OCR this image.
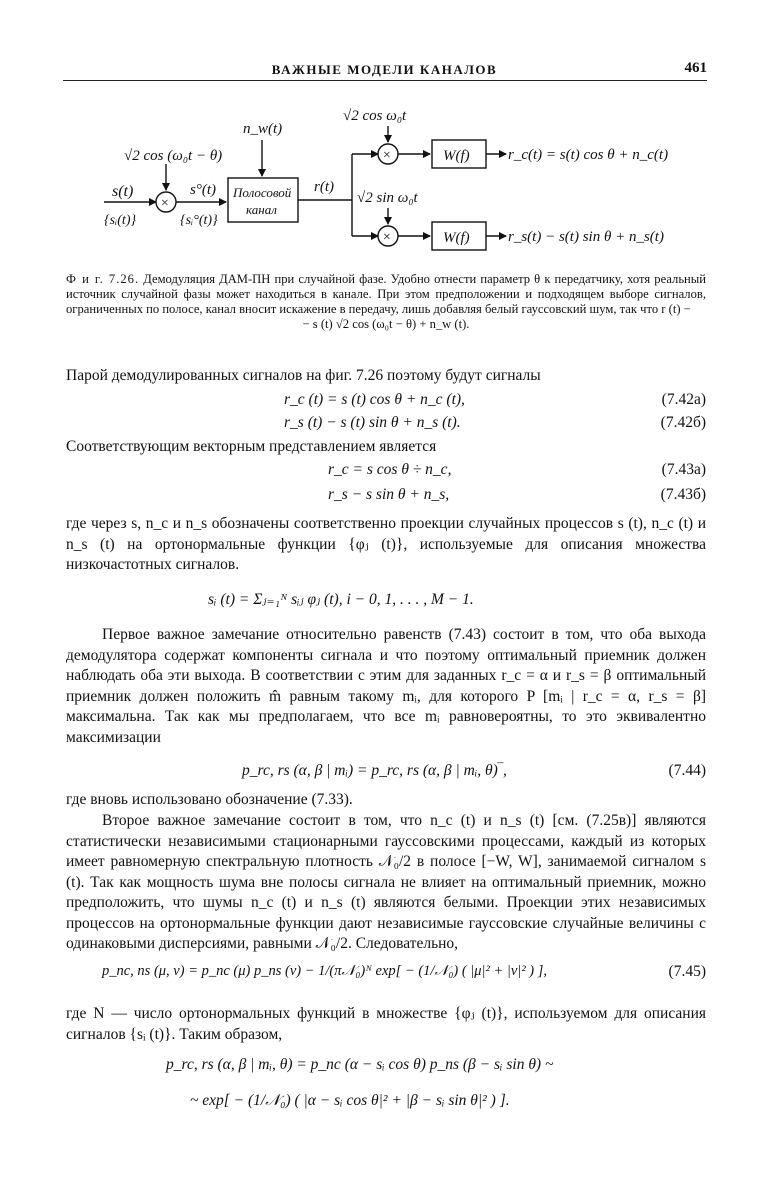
ВАЖНЫЕ МОДЕЛИ КАНАЛОВ	461
s(t)
{sᵢ(t)}
×
√2 cos (ω₀t − θ)
s°(t)
{sᵢ°(t)}
Полосовой
канал
n_w(t)
r(t)
×
√2 cos ω₀t
W(f)	r_c(t) = s(t) cos θ + n_c(t)
×
√2 sin ω₀t
W(f)	r_s(t) − s(t) sin θ + n_s(t)
Ф и г. 7.26. Демодуляция ДАМ-ПН при случайной фазе. Удобно отнести параметр θ к передатчику, хотя реальный источник случайной фазы может находиться в канале. При этом предположении и подходящем выборе сигналов, ограниченных по полосе, канал вносит искажение в передачу, лишь добавляя белый гауссовский шум, так что r (t) −
− s (t) √2 cos (ω₀t − θ) + n_w (t).
Парой демодулированных сигналов на фиг. 7.26 поэтому будут сигналы
r_c (t) = s (t) cos θ + n_c (t),	(7.42a)
r_s (t) − s (t) sin θ + n_s (t).	(7.42б)
Соответствующим векторным представлением является
r_c = s cos θ ÷ n_c,	(7.43a)
r_s − s sin θ + n_s,	(7.43б)
где через s, n_c и n_s обозначены соответственно проекции случайных процессов s (t), n_c (t) и n_s (t) на ортонормальные функции {φⱼ (t)}, используемые для описания множества низкочастотных сигналов.
sᵢ (t) = Σⱼ₌₁ᴺ sᵢⱼ φⱼ (t), i − 0, 1, . . . , M − 1.
Первое важное замечание относительно равенств (7.43) состоит в том, что оба выхода демодулятора содержат компоненты сигнала и что поэтому оптимальный приемник должен наблюдать оба эти выхода. В соответствии с этим для заданных r_c = α и r_s = β оптимальный приемник должен положить m̂ равным такому mᵢ, для которого P [mᵢ | r_c = α, r_s = β] максимальна. Так как мы предполагаем, что все mᵢ равновероятны, то это эквивалентно максимизации
p_rc, rs (α, β | mᵢ) = p_rc, rs (α, β | mᵢ, θ)‾,	(7.44)
где вновь использовано обозначение (7.33).
Второе важное замечание состоит в том, что n_c (t) и n_s (t) [см. (7.25в)] являются статистически независимыми стационарными гауссовскими процессами, каждый из которых имеет равномерную спектральную плотность 𝒩₀/2 в полосе [−W, W], занимаемой сигналом s (t). Так как мощность шума вне полосы сигнала не влияет на оптимальный приемник, можно предположить, что шумы n_c (t) и n_s (t) являются белыми. Проекции этих независимых процессов на ортонормальные функции дают независимые гауссовские случайные величины с одинаковыми дисперсиями, равными 𝒩₀/2. Следовательно,
p_nc, ns (μ, ν) = p_nc (μ) p_ns (ν) − 1/(π𝒩₀)ᴺ exp[ − (1/𝒩₀) ( |μ|² + |ν|² ) ],	(7.45)
где N — число ортонормальных функций в множестве {φⱼ (t)}, используемом для описания сигналов {sᵢ (t)}. Таким образом,
p_rc, rs (α, β | mᵢ, θ) = p_nc (α − sᵢ cos θ) p_ns (β − sᵢ sin θ) ~
~ exp[ − (1/𝒩₀) ( |α − sᵢ cos θ|² + |β − sᵢ sin θ|² ) ].
